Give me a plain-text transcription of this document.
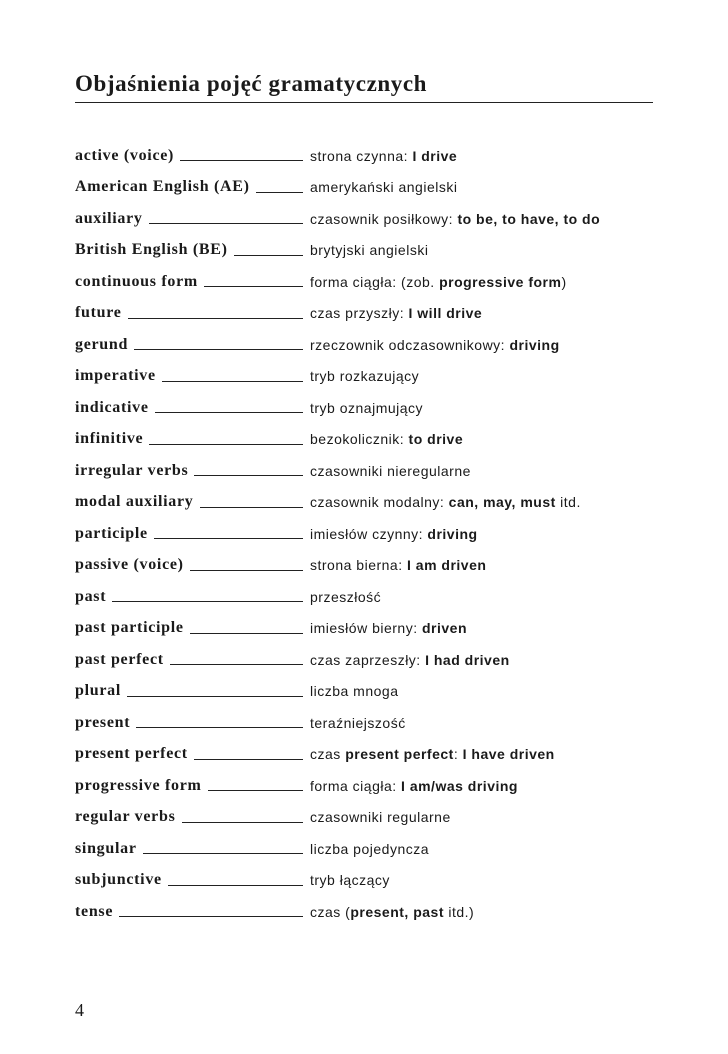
Objaśnienia pojęć gramatycznych
active (voice)	strona czynna: I drive
American English (AE)	amerykański angielski
auxiliary	czasownik posiłkowy: to be, to have, to do
British English (BE)	brytyjski angielski
continuous form	forma ciągła: (zob. progressive form)
future	czas przyszły: I will drive
gerund	rzeczownik odczasownikowy: driving
imperative	tryb rozkazujący
indicative	tryb oznajmujący
infinitive	bezokolicznik: to drive
irregular verbs	czasowniki nieregularne
modal auxiliary	czasownik modalny: can, may, must itd.
participle	imiesłów czynny: driving
passive (voice)	strona bierna: I am driven
past	przeszłość
past participle	imiesłów bierny: driven
past perfect	czas zaprzeszły: I had driven
plural	liczba mnoga
present	teraźniejszość
present perfect	czas present perfect: I have driven
progressive form	forma ciągła: I am/was driving
regular verbs	czasowniki regularne
singular	liczba pojedyncza
subjunctive	tryb łączący
tense	czas (present, past itd.)
4
